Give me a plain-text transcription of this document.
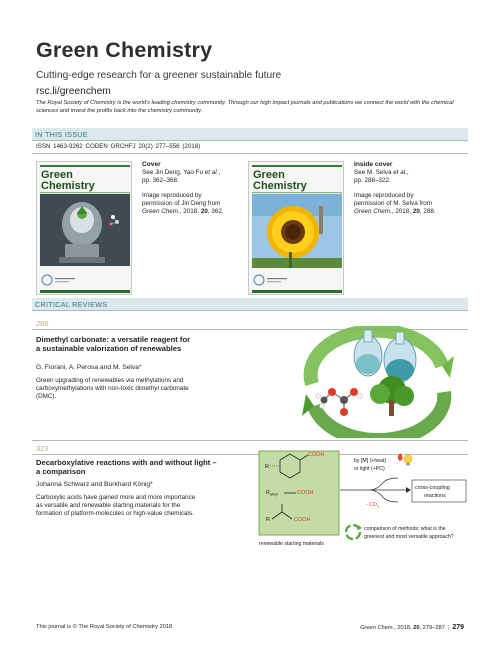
Green Chemistry
Cutting-edge research for a greener sustainable future
rsc.li/greenchem
The Royal Society of Chemistry is the world's leading chemistry community. Through our high impact journals and publications we connect the world with the chemical sciences and invest the profits back into the chemistry community.
IN THIS ISSUE
ISSN 1463-9262 CODEN GRCHFJ 20(2) 277–556 (2018)
Green
Chemistry
Cover
See Jin Deng, Yao Fu et al.,
pp. 362–368.
Image reproduced by
permission of Jin Deng from
Green Chem., 2018, 20, 362.
Green
Chemistry
Inside cover
See M. Selva et al.,
pp. 288–322.
Image reproduced by
permission of M. Selva from
Green Chem., 2018, 20, 288.
CRITICAL REVIEWS
288
Dimethyl carbonate: a versatile reagent for
a sustainable valorization of renewables
G. Fiorani, A. Perosa and M. Selva*
Green upgrading of renewables via methylations and
carboxymethylations with non-toxic dimethyl carbonate
(DMC).
323
Decarboxylative reactions with and without light –
a comparison
Johanna Schwarz and Burkhard König*
Carboxylic acids have gained more and more importance
as versatile and renewable starting materials for the
formation of platform-molecules or high-value chemicals.
COOH
R
$R_{alkyl}$	COOH
R	COOH
renewable starting materials
by [M] (+heat)
or light (+PC)
- $CO_2$
cross-coupling
reactions
comparison of methods: what is the
greenest and most versatile approach?
This journal is © The Royal Society of Chemistry 2018	Green Chem., 2018, 20, 279–287 | 279
